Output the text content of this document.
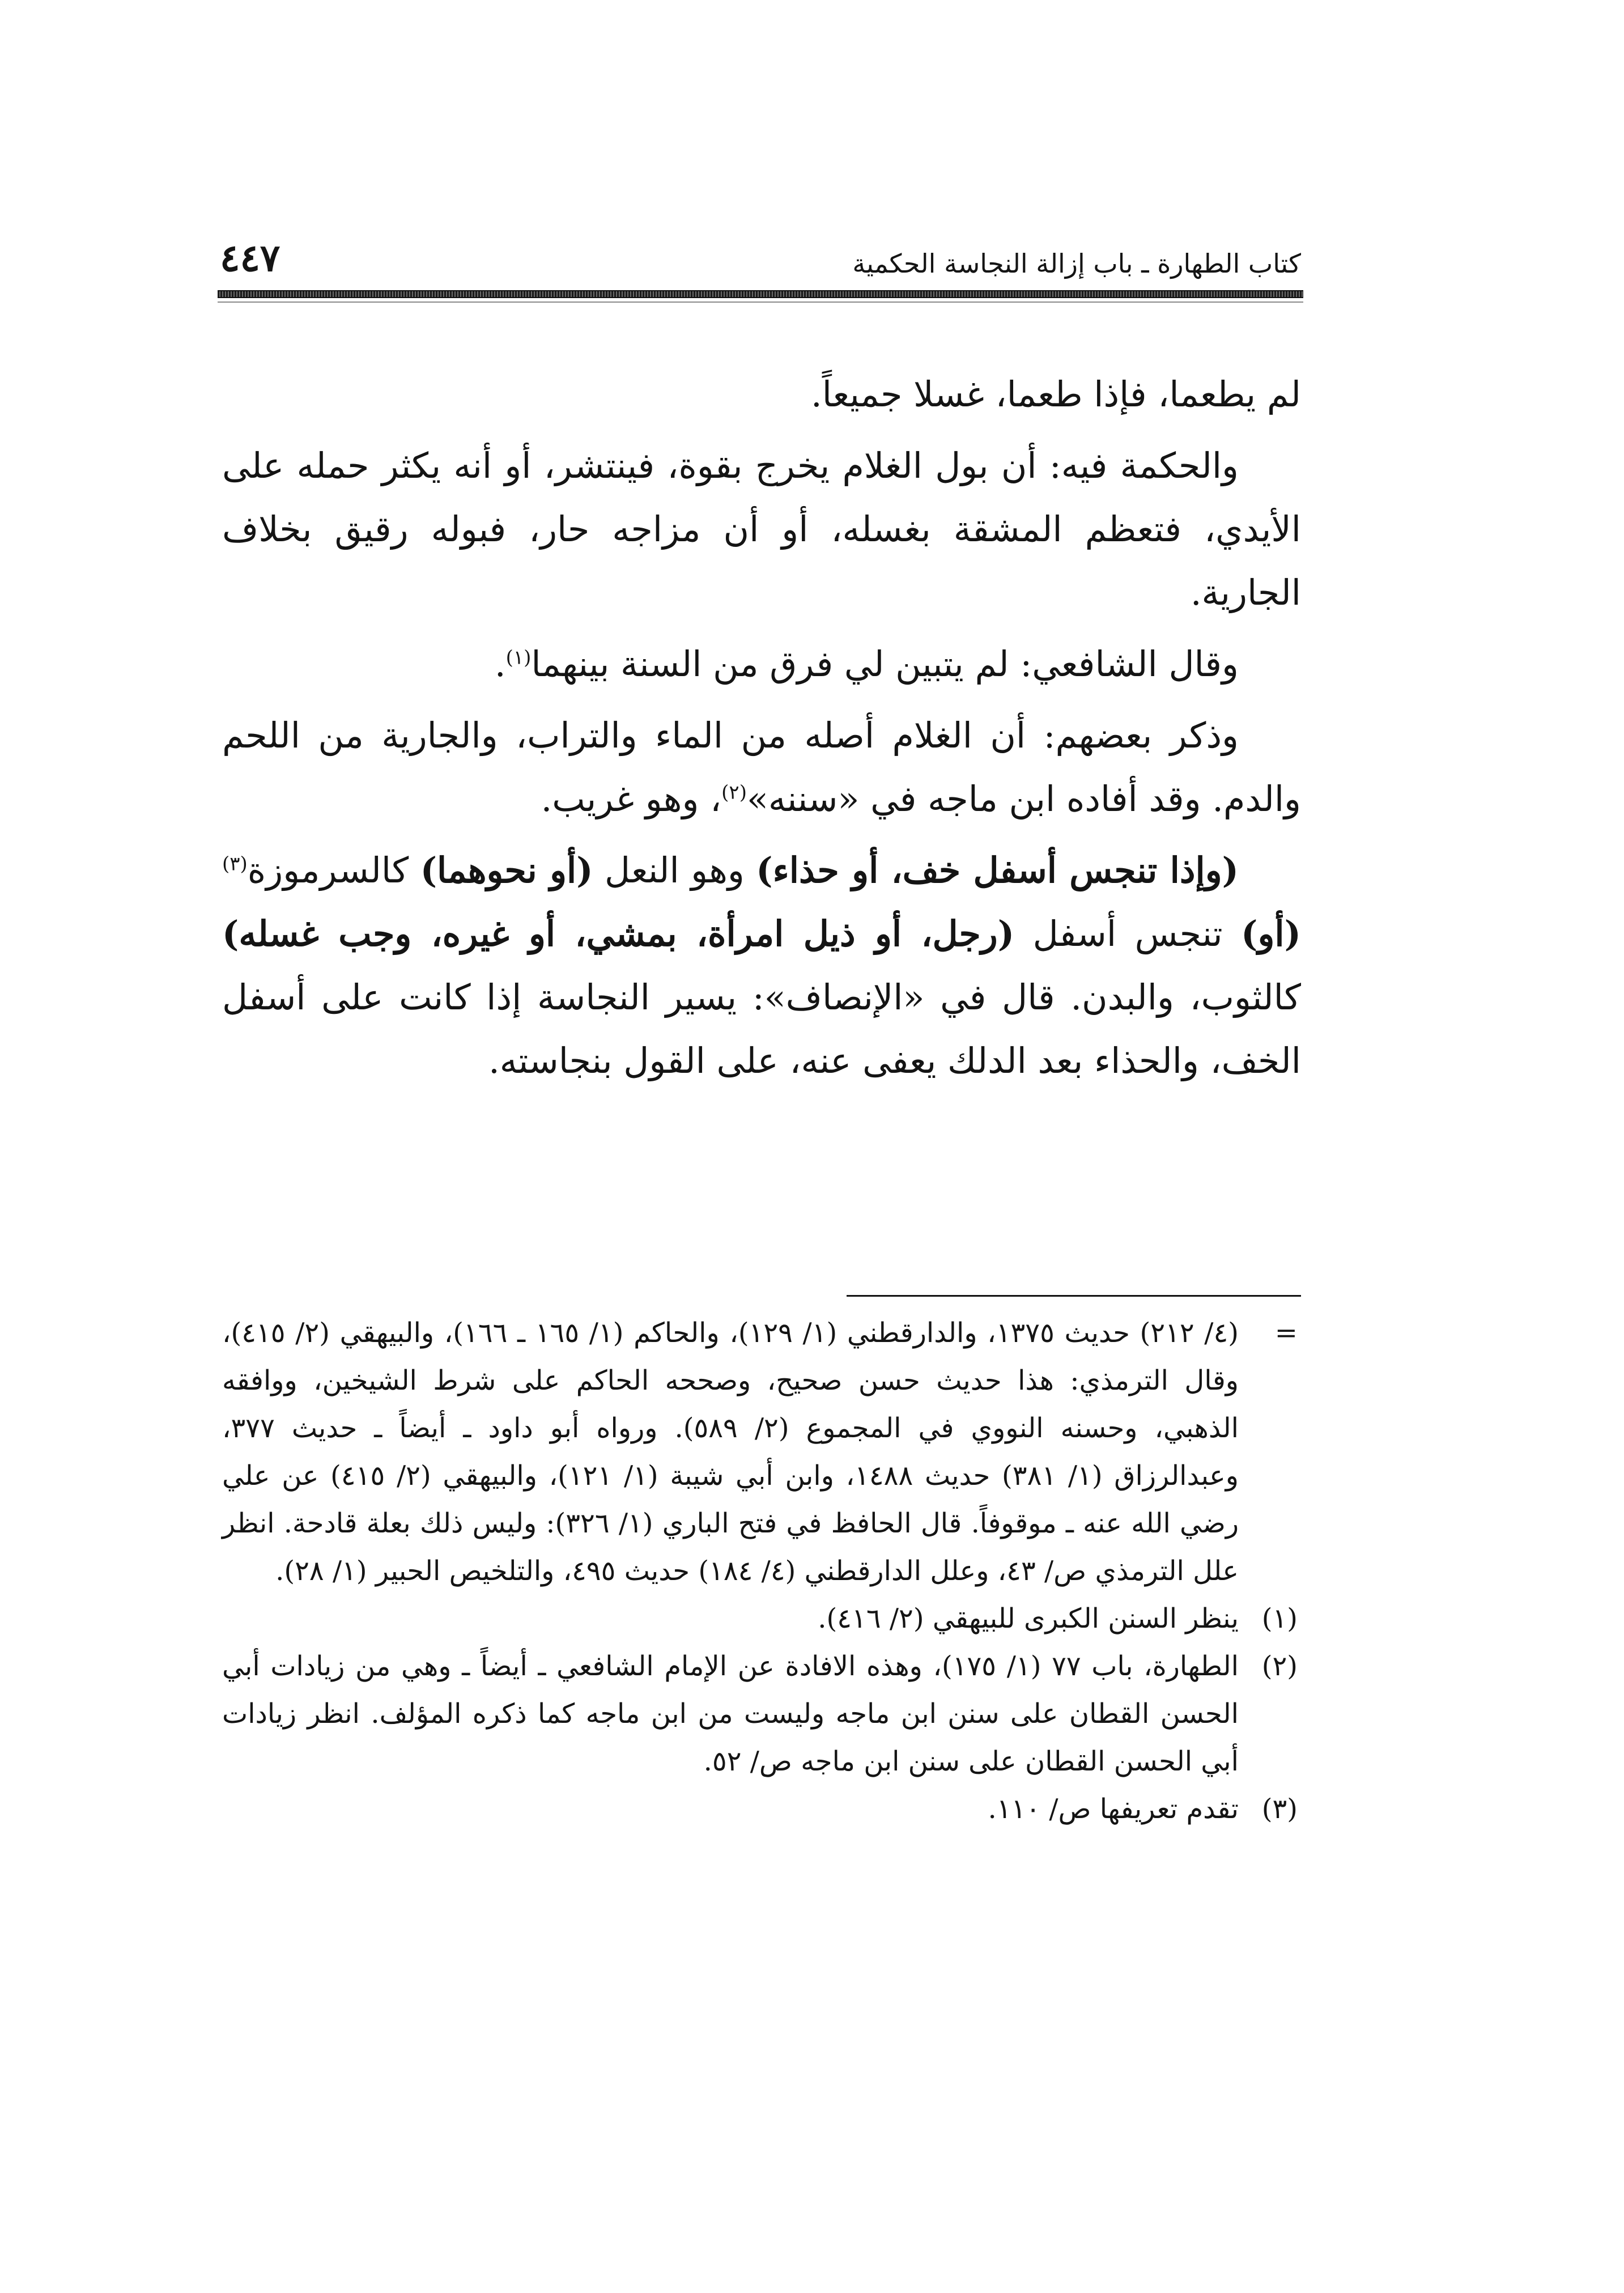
٤٤٧	كتاب الطهارة ـ باب إزالة النجاسة الحكمية

لم يطعما، فإذا طعما، غسلا جميعاً.

والحكمة فيه: أن بول الغلام يخرج بقوة، فينتشر، أو أنه يكثر حمله على الأيدي، فتعظم المشقة بغسله، أو أن مزاجه حار، فبوله رقيق بخلاف الجارية.

وقال الشافعي: لم يتبين لي فرق من السنة بينهما$^{(١)}$.

وذكر بعضهم: أن الغلام أصله من الماء والتراب، والجارية من اللحم والدم. وقد أفاده ابن ماجه في «سننه»$^{(٢)}$، وهو غريب.

(وإذا تنجس أسفل خف، أو حذاء) وهو النعل (أو نحوهما) كالسرموزة$^{(٣)}$ (أو) تنجس أسفل (رجل، أو ذيل امرأة، بمشي، أو غيره، وجب غسله) كالثوب، والبدن. قال في «الإنصاف»: يسير النجاسة إذا كانت على أسفل الخف، والحذاء بعد الدلك يعفى عنه، على القول بنجاسته.

=
(٤/ ٢١٢) حديث ١٣٧٥، والدارقطني (١/ ١٢٩)، والحاكم (١/ ١٦٥ ـ ١٦٦)، والبيهقي (٢/ ٤١٥)، وقال الترمذي: هذا حديث حسن صحيح، وصححه الحاكم على شرط الشيخين، ووافقه الذهبي، وحسنه النووي في المجموع (٢/ ٥٨٩). ورواه أبو داود ـ أيضاً ـ حديث ٣٧٧، وعبدالرزاق (١/ ٣٨١) حديث ١٤٨٨، وابن أبي شيبة (١/ ١٢١)، والبيهقي (٢/ ٤١٥) عن علي رضي الله عنه ـ موقوفاً. قال الحافظ في فتح الباري (١/ ٣٢٦): وليس ذلك بعلة قادحة. انظر علل الترمذي ص/ ٤٣، وعلل الدارقطني (٤/ ١٨٤) حديث ٤٩٥، والتلخيص الحبير (١/ ٢٨).
(١)
ينظر السنن الكبرى للبيهقي (٢/ ٤١٦).
(٢)
الطهارة، باب ٧٧ (١/ ١٧٥)، وهذه الافادة عن الإمام الشافعي ـ أيضاً ـ وهي من زيادات أبي الحسن القطان على سنن ابن ماجه وليست من ابن ماجه كما ذكره المؤلف. انظر زيادات أبي الحسن القطان على سنن ابن ماجه ص/ ٥٢.
(٣)
تقدم تعريفها ص/ ١١٠.
